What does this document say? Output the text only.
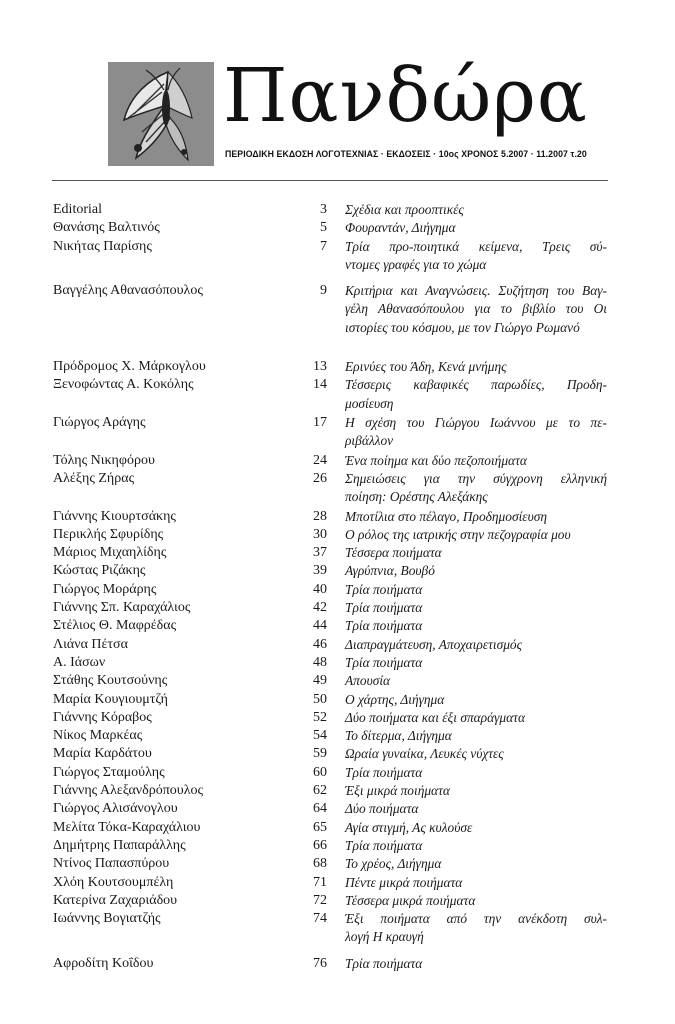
Πανδώρα
ΠΕΡΙΟΔΙΚΗ ΕΚΔΟΣΗ ΛΟΓΟΤΕΧΝΙΑΣ · ΕΚΔΟΣΕΙΣ · 10ος ΧΡΟΝΟΣ 5.2007 · 11.2007 τ.20
Editorial	3 Σχέδια και προοπτικές
Θανάσης Βαλτινός	5 Φουραντάν, Διήγημα
Νικήτας Παρίσης	7 Τρία προ-ποιητικά κείμενα, Τρεις σύ-
ντομες γραφές για το χώμα
Βαγγέλης Αθανασόπουλος	9 Κριτήρια και Αναγνώσεις. Συζήτηση του Βαγ-
γέλη Αθανασόπουλου για το βιβλίο του Οι
ιστορίες του κόσμου, με τον Γιώργο Ρωμανό
Πρόδρομος Χ. Μάρκογλου	13 Ερινύες του Άδη, Κενά μνήμης
Ξενοφώντας Α. Κοκόλης	14 Τέσσερις καβαφικές παρωδίες, Προδη-
μοσίευση
Γιώργος Αράγης	17 Η σχέση του Γιώργου Ιωάννου με το πε-
ριβάλλον
Τόλης Νικηφόρου	24 Ένα ποίημα και δύο πεζοποιήματα
Αλέξης Ζήρας	26 Σημειώσεις για την σύγχρονη ελληνική
ποίηση: Ορέστης Αλεξάκης
Γιάννης Κιουρτσάκης	28 Μποτίλια στο πέλαγο, Προδημοσίευση
Περικλής Σφυρίδης	30 Ο ρόλος της ιατρικής στην πεζογραφία μου
Μάριος Μιχαηλίδης	37 Τέσσερα ποιήματα
Κώστας Ριζάκης	39 Αγρύπνια, Βουβό
Γιώργος Μοράρης	40 Τρία ποιήματα
Γιάννης Σπ. Καραχάλιος	42 Τρία ποιήματα
Στέλιος Θ. Μαφρέδας	44 Τρία ποιήματα
Λιάνα Πέτσα	46 Διαπραγμάτευση, Αποχαιρετισμός
Α. Ιάσων	48 Τρία ποιήματα
Στάθης Κουτσούνης	49 Απουσία
Μαρία Κουγιουμτζή	50 Ο χάρτης, Διήγημα
Γιάννης Κόραβος	52 Δύο ποιήματα και έξι σπαράγματα
Νίκος Μαρκέας	54 Το δίτερμα, Διήγημα
Μαρία Καρδάτου	59 Ωραία γυναίκα, Λευκές νύχτες
Γιώργος Σταμούλης	60 Τρία ποιήματα
Γιάννης Αλεξανδρόπουλος	62 Έξι μικρά ποιήματα
Γιώργος Αλισάνογλου	64 Δύο ποιήματα
Μελίτα Τόκα-Καραχάλιου	65 Αγία στιγμή, Ας κυλούσε
Δημήτρης Παπαράλλης	66 Τρία ποιήματα
Ντίνος Παπασπύρου	68 Το χρέος, Διήγημα
Χλόη Κουτσουμπέλη	71 Πέντε μικρά ποιήματα
Κατερίνα Ζαχαριάδου	72 Τέσσερα μικρά ποιήματα
Ιωάννης Βογιατζής	74 Έξι ποιήματα από την ανέκδοτη συλ-
λογή Η κραυγή
Αφροδίτη Κοΐδου	76 Τρία ποιήματα
